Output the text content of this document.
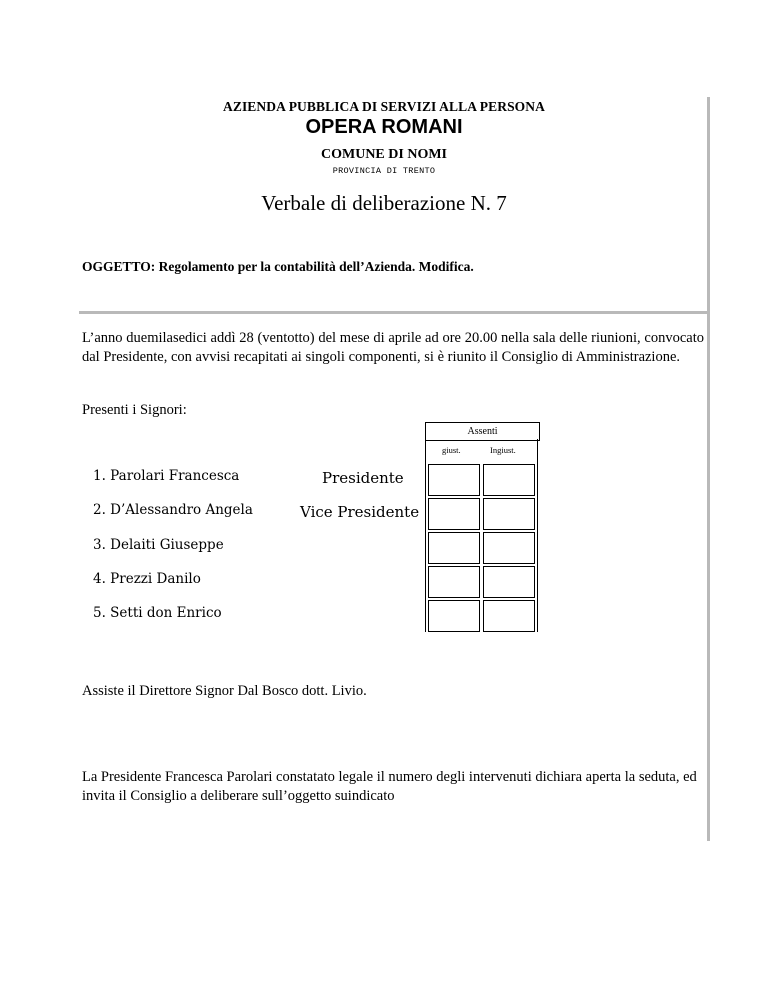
AZIENDA PUBBLICA DI SERVIZI ALLA PERSONA
OPERA ROMANI
COMUNE DI NOMI
PROVINCIA DI TRENTO
Verbale di deliberazione N. 7
OGGETTO: Regolamento per la contabilità dell’Azienda. Modifica.
L’anno duemilasedici addì 28 (ventotto) del mese di aprile ad ore 20.00 nella sala delle riunioni, convocato dal Presidente, con avvisi recapitati ai singoli componenti, si è riunito il Consiglio di Amministrazione.
Presenti i Signori:
Assenti
giust.	Ingiust.
1. Parolari Francesca	Presidente
2. D’Alessandro Angela	Vice Presidente
3. Delaiti Giuseppe
4. Prezzi Danilo
5. Setti don Enrico
Assiste il Direttore Signor Dal Bosco dott. Livio.
La Presidente Francesca Parolari constatato legale il numero degli intervenuti dichiara aperta la seduta, ed invita il Consiglio a deliberare sull’oggetto suindicato
